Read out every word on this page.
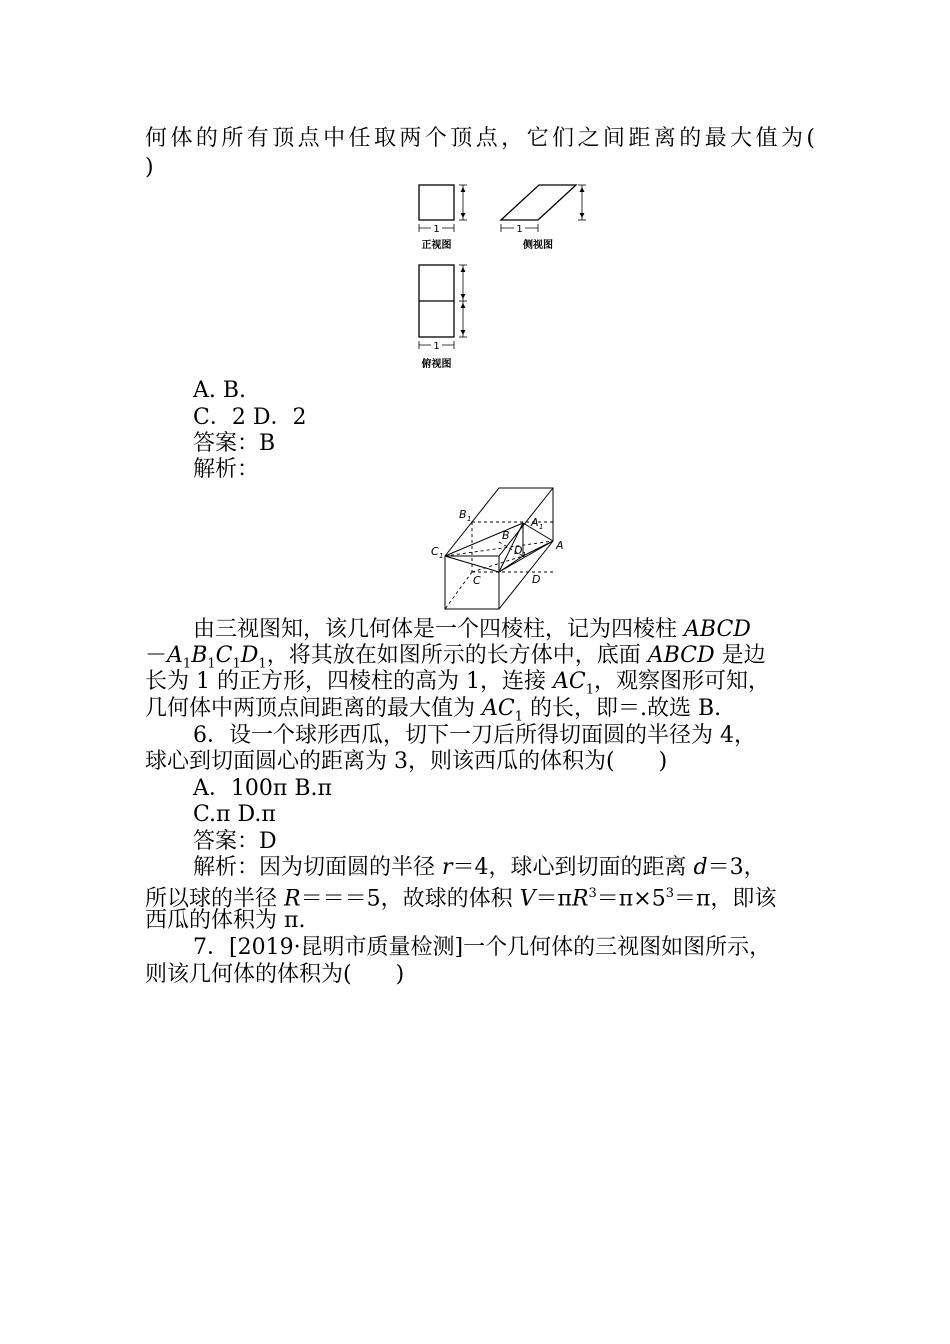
何体的所有顶点中任取两个顶点，它们之间距离的最大值为(
)
1
正视图
1
侧视图
1
俯视图
A. B.
C．2 D．2
答案：B
解析：
B 1	A 1
B
D 1
C 1
A
C	D
由三视图知，该几何体是一个四棱柱，记为四棱柱 ABCD
$-A_1B_1C_1D_1$，将其放在如图所示的长方体中，底面 ABCD 是边
长为 1 的正方形，四棱柱的高为 1，连接 $AC_1$，观察图形可知，
几何体中两顶点间距离的最大值为 $AC_1$ 的长，即＝.故选 B.
6．设一个球形西瓜，切下一刀后所得切面圆的半径为 4，
球心到切面圆心的距离为 3，则该西瓜的体积为(　　)
A．100π B.π
C.π D.π
答案：D
解析：因为切面圆的半径 r＝4，球心到切面的距离 d＝3，
所以球的半径 R＝＝＝5，故球的体积 $V=\pi R^3=\pi\times 5^3=\pi$，即该
西瓜的体积为 π.
7．[2019·昆明市质量检测]一个几何体的三视图如图所示，
则该几何体的体积为(　　)
